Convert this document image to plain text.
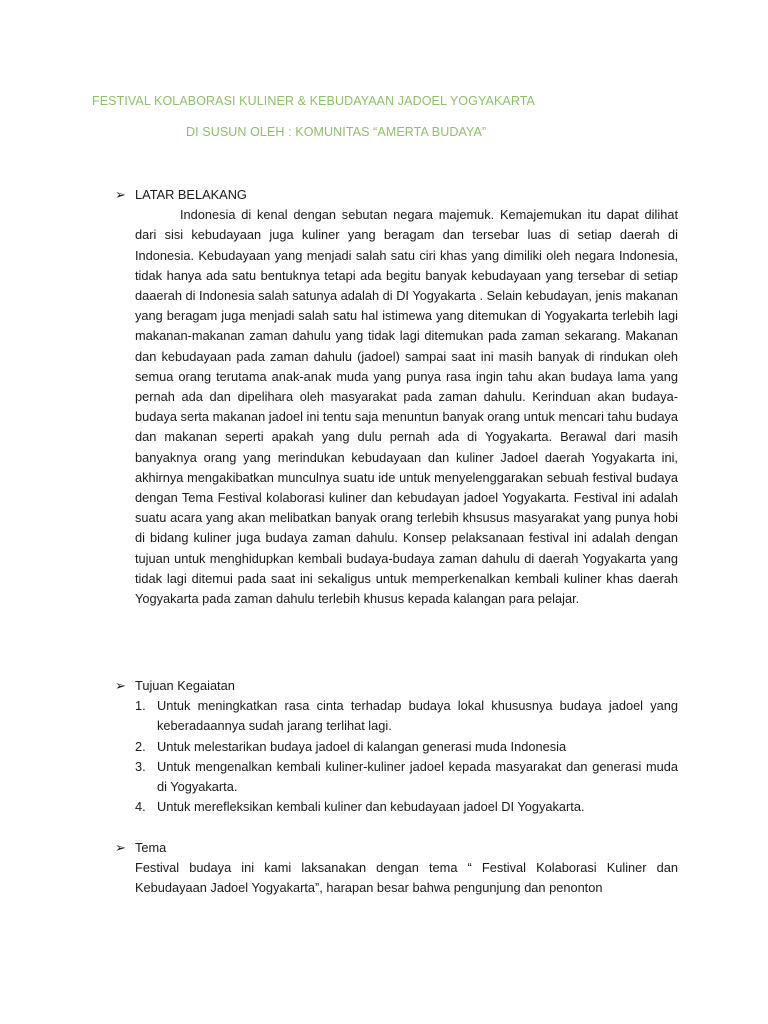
FESTIVAL KOLABORASI KULINER & KEBUDAYAAN JADOEL YOGYAKARTA
DI SUSUN OLEH : KOMUNITAS “AMERTA BUDAYA”
➢ LATAR BELAKANG
Indonesia di kenal dengan sebutan negara majemuk. Kemajemukan itu dapat dilihat dari sisi kebudayaan juga kuliner yang beragam dan tersebar luas di setiap daerah di Indonesia. Kebudayaan yang menjadi salah satu ciri khas yang dimiliki oleh negara Indonesia, tidak hanya ada satu bentuknya tetapi ada begitu banyak kebudayaan yang tersebar di setiap daaerah di Indonesia salah satunya adalah di DI Yogyakarta . Selain kebudayan, jenis makanan yang beragam juga menjadi salah satu hal istimewa yang ditemukan di Yogyakarta terlebih lagi makanan-makanan zaman dahulu yang tidak lagi ditemukan pada zaman sekarang. Makanan dan kebudayaan pada zaman dahulu (jadoel) sampai saat ini masih banyak di rindukan oleh semua orang terutama anak-anak muda yang punya rasa ingin tahu akan budaya lama yang pernah ada dan dipelihara oleh masyarakat pada zaman dahulu. Kerinduan akan budaya-budaya serta makanan jadoel ini tentu saja menuntun banyak orang untuk mencari tahu budaya dan makanan seperti apakah yang dulu pernah ada di Yogyakarta. Berawal dari masih banyaknya orang yang merindukan kebudayaan dan kuliner Jadoel daerah Yogyakarta ini, akhirnya mengakibatkan munculnya suatu ide untuk menyelenggarakan sebuah festival budaya dengan Tema Festival kolaborasi kuliner dan kebudayan jadoel Yogyakarta. Festival ini adalah suatu acara yang akan melibatkan banyak orang terlebih khsusus masyarakat yang punya hobi di bidang kuliner juga budaya zaman dahulu. Konsep pelaksanaan festival ini adalah dengan tujuan untuk menghidupkan kembali budaya-budaya zaman dahulu di daerah Yogyakarta yang tidak lagi ditemui pada saat ini sekaligus untuk memperkenalkan kembali kuliner khas daerah Yogyakarta pada zaman dahulu terlebih khusus kepada kalangan para pelajar.
➢ Tujuan Kegaiatan
1. Untuk meningkatkan rasa cinta terhadap budaya lokal khususnya budaya jadoel yang keberadaannya sudah jarang terlihat lagi.
2. Untuk melestarikan budaya jadoel di kalangan generasi muda Indonesia
3. Untuk mengenalkan kembali kuliner-kuliner jadoel kepada masyarakat dan generasi muda di Yogyakarta.
4. Untuk merefleksikan kembali kuliner dan kebudayaan jadoel DI Yogyakarta.
➢ Tema
Festival budaya ini kami laksanakan dengan tema “ Festival Kolaborasi Kuliner dan Kebudayaan Jadoel Yogyakarta”, harapan besar bahwa pengunjung dan penonton
